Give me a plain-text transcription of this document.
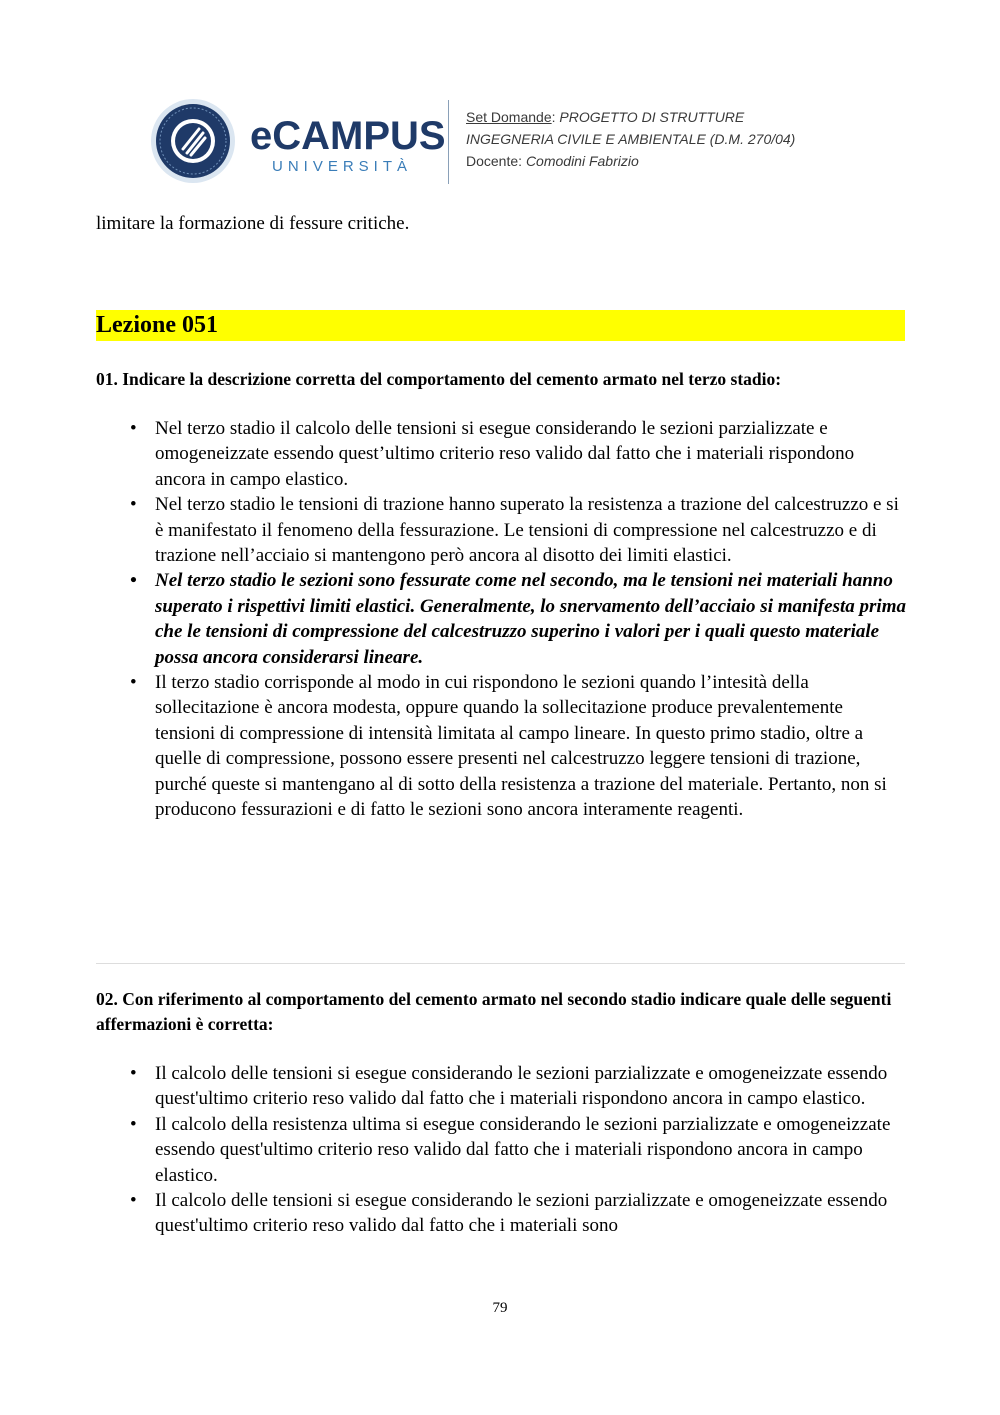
eCAMPUS
UNIVERSITÀ
Set Domande: PROGETTO DI STRUTTURE
INGEGNERIA CIVILE E AMBIENTALE (D.M. 270/04)
Docente: Comodini Fabrizio
limitare la formazione di fessure critiche.
Lezione 051
01. Indicare la descrizione corretta del comportamento del cemento armato nel terzo stadio:
• Nel terzo stadio il calcolo delle tensioni si esegue considerando le sezioni parzializzate e omogeneizzate essendo quest’ultimo criterio reso valido dal fatto che i materiali rispondono ancora in campo elastico.
• Nel terzo stadio le tensioni di trazione hanno superato la resistenza a trazione del calcestruzzo e si è manifestato il fenomeno della fessurazione. Le tensioni di compressione nel calcestruzzo e di trazione nell’acciaio si mantengono però ancora al disotto dei limiti elastici.
• Nel terzo stadio le sezioni sono fessurate come nel secondo, ma le tensioni nei materiali hanno superato i rispettivi limiti elastici. Generalmente, lo snervamento dell’acciaio si manifesta prima che le tensioni di compressione del calcestruzzo superino i valori per i quali questo materiale possa ancora considerarsi lineare.
• Il terzo stadio corrisponde al modo in cui rispondono le sezioni quando l’intesità della sollecitazione è ancora modesta, oppure quando la sollecitazione produce prevalentemente tensioni di compressione di intensità limitata al campo lineare. In questo primo stadio, oltre a quelle di compressione, possono essere presenti nel calcestruzzo leggere tensioni di trazione, purché queste si mantengano al di sotto della resistenza a trazione del materiale. Pertanto, non si producono fessurazioni e di fatto le sezioni sono ancora interamente reagenti.
02. Con riferimento al comportamento del cemento armato nel secondo stadio indicare quale delle seguenti affermazioni è corretta:
• Il calcolo delle tensioni si esegue considerando le sezioni parzializzate e omogeneizzate essendo quest'ultimo criterio reso valido dal fatto che i materiali rispondono ancora in campo elastico.
• Il calcolo della resistenza ultima si esegue considerando le sezioni parzializzate e omogeneizzate essendo quest'ultimo criterio reso valido dal fatto che i materiali rispondono ancora in campo elastico.
• Il calcolo delle tensioni si esegue considerando le sezioni parzializzate e omogeneizzate essendo quest'ultimo criterio reso valido dal fatto che i materiali sono
79
